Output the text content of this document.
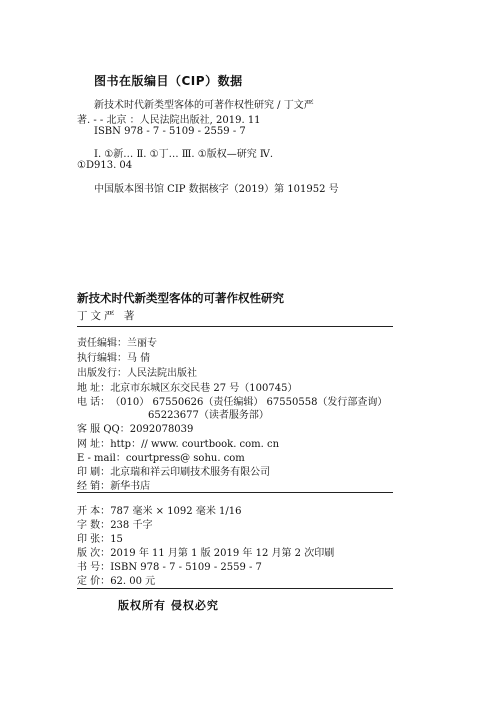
图书在版编目（CIP）数据
新技术时代新类型客体的可著作权性研究 / 丁文严
著. - - 北京 ：人民法院出版社, 2019. 11
ISBN 978 - 7 - 5109 - 2559 - 7
Ⅰ. ①新… Ⅱ. ①丁… Ⅲ. ①版权—研究 Ⅳ.
①D913. 04
中国版本图书馆 CIP 数据核字（2019）第 101952 号
新技术时代新类型客体的可著作权性研究
丁文严 著
责任编辑：兰丽专
执行编辑：马 倩
出版发行：人民法院出版社
地 址：北京市东城区东交民巷 27 号（100745）
电 话：（010） 67550626（责任编辑） 67550558（发行部查询）
65223677（读者服务部）
客 服 QQ：2092078039
网 址：http：// www. courtbook. com. cn
E - mail：courtpress@ sohu. com
印 刷：北京瑞和祥云印刷技术服务有限公司
经 销：新华书店
开 本：787 毫米 × 1092 毫米 1/16
字 数：238 千字
印 张：15
版 次：2019 年 11 月第 1 版 2019 年 12 月第 2 次印刷
书 号：ISBN 978 - 7 - 5109 - 2559 - 7
定 价：62. 00 元
版权所有 侵权必究
